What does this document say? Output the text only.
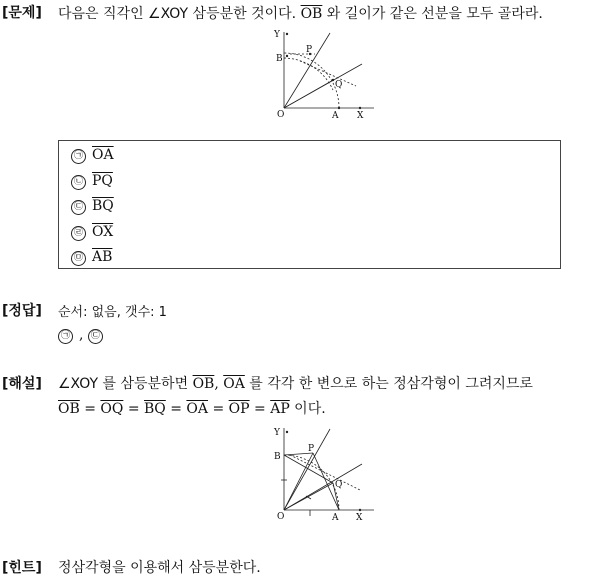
[문제] 다음은 직각인 ∠XOY 삼등분한 것이다. $\overline{OB}$ 와 길이가 같은 선분을 모두 골라라.
Y
B
P
Q
O	A X
㉠ $\overline{OA}$
㉡ $\overline{PQ}$
㉢ $\overline{BQ}$
㉣ $\overline{OX}$
㉤ $\overline{AB}$
[정답] 순서: 없음, 갯수: 1
㉠ , ㉢
[해설] ∠XOY 를 삼등분하면 $\overline{OB}$, $\overline{OA}$ 를 각각 한 변으로 하는 정삼각형이 그려지므로
$\overline{OB} = \overline{OQ} = \overline{BQ} = \overline{OA} = \overline{OP} = \overline{AP}$ 이다.
Y
B
P
Q
O	A X
[힌트] 정삼각형을 이용해서 삼등분한다.
